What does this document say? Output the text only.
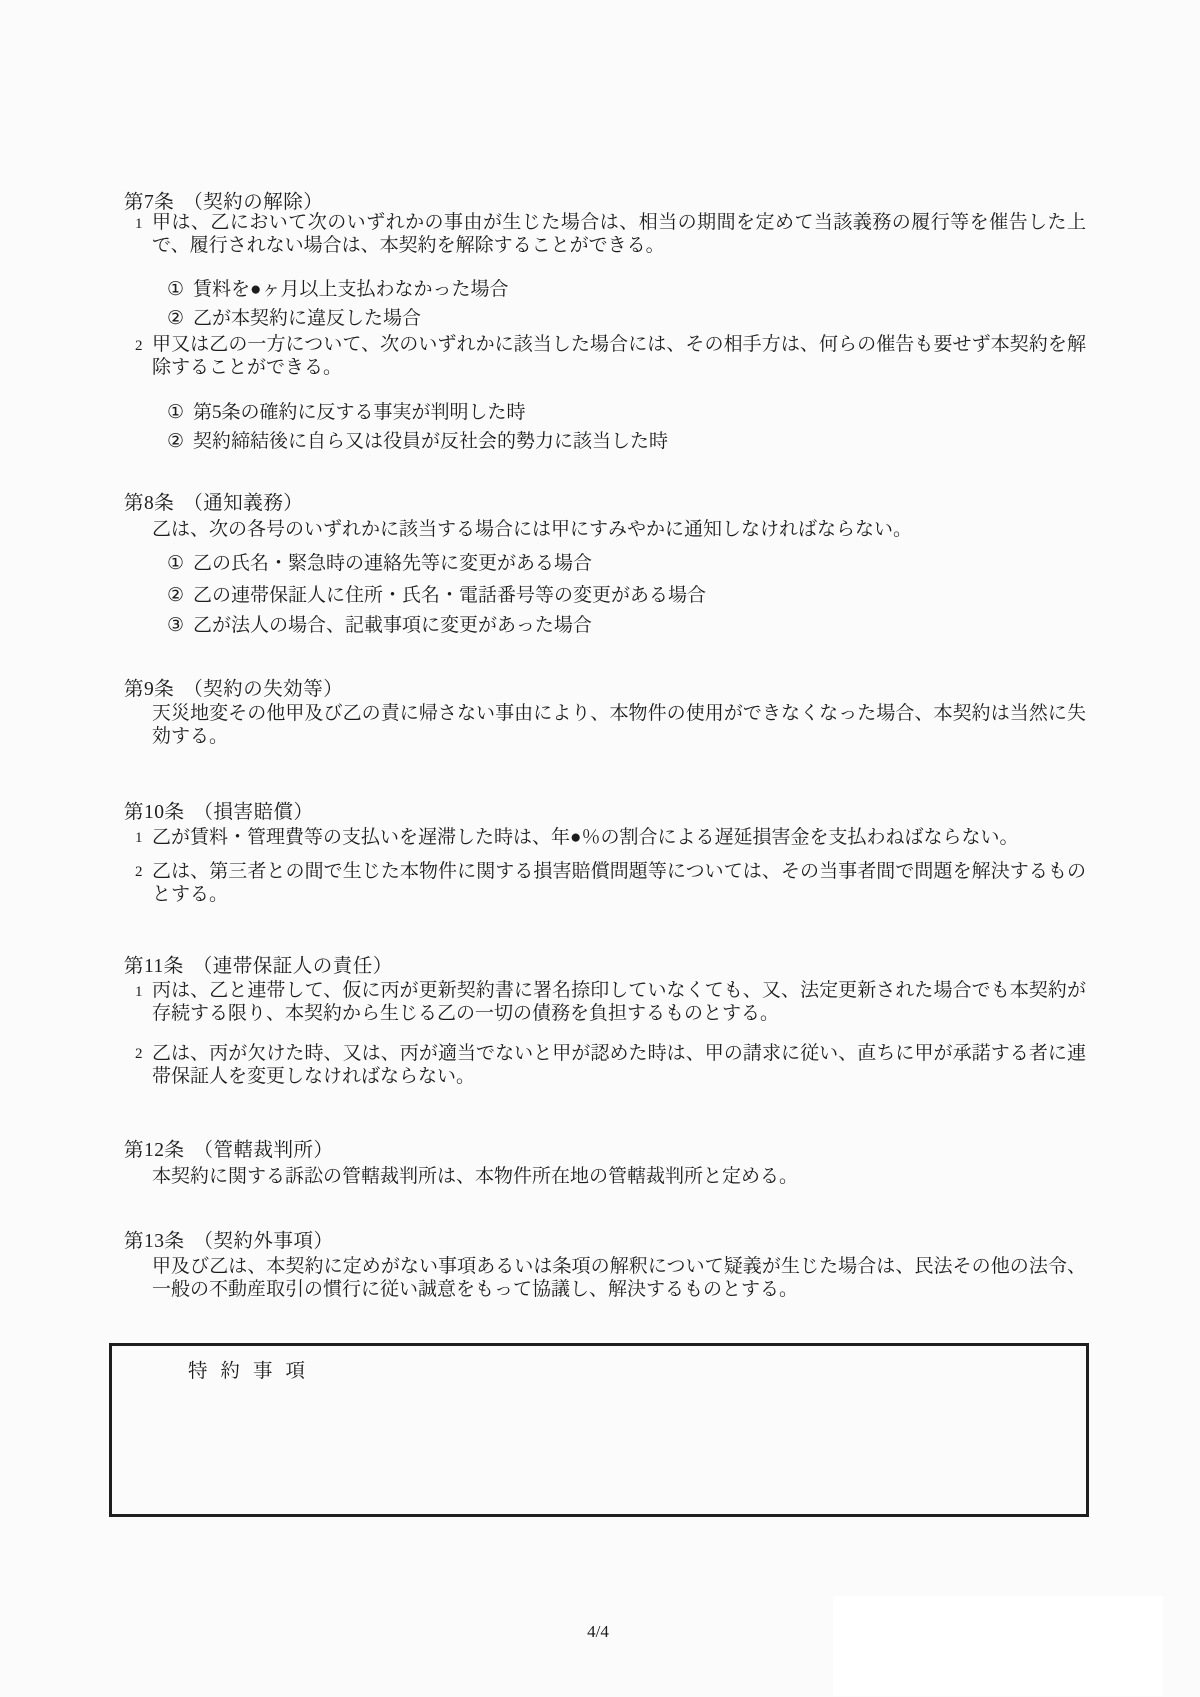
第7条 （契約の解除）
1 甲は、乙において次のいずれかの事由が生じた場合は、相当の期間を定めて当該義務の履行等を催告した上で、履行されない場合は、本契約を解除することができる。
① 賃料を●ヶ月以上支払わなかった場合
② 乙が本契約に違反した場合
2 甲又は乙の一方について、次のいずれかに該当した場合には、その相手方は、何らの催告も要せず本契約を解除することができる。
① 第5条の確約に反する事実が判明した時
② 契約締結後に自ら又は役員が反社会的勢力に該当した時
第8条 （通知義務）
乙は、次の各号のいずれかに該当する場合には甲にすみやかに通知しなければならない。
① 乙の氏名・緊急時の連絡先等に変更がある場合
② 乙の連帯保証人に住所・氏名・電話番号等の変更がある場合
③ 乙が法人の場合、記載事項に変更があった場合
第9条 （契約の失効等）
天災地変その他甲及び乙の責に帰さない事由により、本物件の使用ができなくなった場合、本契約は当然に失効する。
第10条 （損害賠償）
1 乙が賃料・管理費等の支払いを遅滞した時は、年●％の割合による遅延損害金を支払わねばならない。
2 乙は、第三者との間で生じた本物件に関する損害賠償問題等については、その当事者間で問題を解決するものとする。
第11条 （連帯保証人の責任）
1 丙は、乙と連帯して、仮に丙が更新契約書に署名捺印していなくても、又、法定更新された場合でも本契約が存続する限り、本契約から生じる乙の一切の債務を負担するものとする。
2 乙は、丙が欠けた時、又は、丙が適当でないと甲が認めた時は、甲の請求に従い、直ちに甲が承諾する者に連帯保証人を変更しなければならない。
第12条 （管轄裁判所）
本契約に関する訴訟の管轄裁判所は、本物件所在地の管轄裁判所と定める。
第13条 （契約外事項）
甲及び乙は、本契約に定めがない事項あるいは条項の解釈について疑義が生じた場合は、民法その他の法令、一般の不動産取引の慣行に従い誠意をもって協議し、解決するものとする。
特約事項
4/4
